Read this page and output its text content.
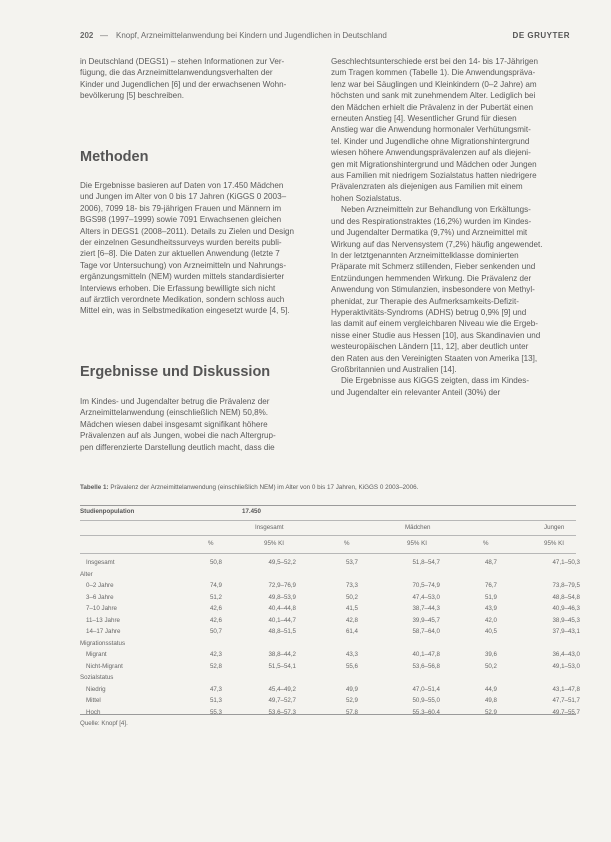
202 — Knopf, Arzneimittelanwendung bei Kindern und Jugendlichen in Deutschland	DE GRUYTER

in Deutschland (DEGS1) – stehen Informationen zur Ver-
fügung, die das Arzneimittelanwendungsverhalten der
Kinder und Jugendlichen [6] und der erwachsenen Wohn-
bevölkerung [5] beschreiben.

Methoden

Die Ergebnisse basieren auf Daten von 17.450 Mädchen
und Jungen im Alter von 0 bis 17 Jahren (KiGGS 0 2003–
2006), 7099 18- bis 79-jährigen Frauen und Männern im
BGS98 (1997–1999) sowie 7091 Erwachsenen gleichen
Alters in DEGS1 (2008–2011). Details zu Zielen und Design
der einzelnen Gesundheitssurveys wurden bereits publi-
ziert [6–8]. Die Daten zur aktuellen Anwendung (letzte 7
Tage vor Untersuchung) von Arzneimitteln und Nahrungs-
ergänzungsmitteln (NEM) wurden mittels standardisierter
Interviews erhoben. Die Erfassung bewilligte sich nicht
auf ärztlich verordnete Medikation, sondern schloss auch
Mittel ein, was in Selbstmedikation eingesetzt wurde [4, 5].

Ergebnisse und Diskussion

Im Kindes- und Jugendalter betrug die Prävalenz der
Arzneimittelanwendung (einschließlich NEM) 50,8%.
Mädchen wiesen dabei insgesamt signifikant höhere
Prävalenzen auf als Jungen, wobei die nach Altergrup-
pen differenzierte Darstellung deutlich macht, dass die

Geschlechtsunterschiede erst bei den 14- bis 17-Jährigen
zum Tragen kommen (Tabelle 1). Die Anwendungspräva-
lenz war bei Säuglingen und Kleinkindern (0–2 Jahre) am
höchsten und sank mit zunehmendem Alter. Lediglich bei
den Mädchen erhielt die Prävalenz in der Pubertät einen
erneuten Anstieg [4]. Wesentlicher Grund für diesen
Anstieg war die Anwendung hormonaler Verhütungsmit-
tel. Kinder und Jugendliche ohne Migrationshintergrund
wiesen höhere Anwendungsprävalenzen auf als diejeni-
gen mit Migrationshintergrund und Mädchen oder Jungen
aus Familien mit niedrigem Sozialstatus hatten niedrigere
Prävalenzraten als diejenigen aus Familien mit einem
hohen Sozialstatus.

Neben Arzneimitteln zur Behandlung von Erkältungs-
und des Respirationstraktes (16,2%) wurden im Kindes-
und Jugendalter Dermatika (9,7%) und Arzneimittel mit
Wirkung auf das Nervensystem (7,2%) häufig angewendet.
In der letztgenannten Arzneimittelklasse dominierten
Präparate mit Schmerz stillenden, Fieber senkenden und
Entzündungen hemmenden Wirkung. Die Prävalenz der
Anwendung von Stimulanzien, insbesondere von Methyl-
phenidat, zur Therapie des Aufmerksamkeits-Defizit-
Hyperaktivitäts-Syndroms (ADHS) betrug 0,9% [9] und
las damit auf einem vergleichbaren Niveau wie die Ergeb-
nisse einer Studie aus Hessen [10], aus Skandinavien und
westeuropäischen Ländern [11, 12], aber deutlich unter
den Raten aus den Vereinigten Staaten von Amerika [13],
Großbritannien und Australien [14].

Die Ergebnisse aus KiGGS zeigten, dass im Kindes-
und Jugendalter ein relevanter Anteil (30%) der

Tabelle 1: Prävalenz der Arzneimittelanwendung (einschließlich NEM) im Alter von 0 bis 17 Jahren, KiGGS 0 2003–2006.
Studienpopulation	17.450
Insgesamt	Mädchen	Jungen
%	95% KI	%	95% KI	%	95% KI
Insgesamt	50,8	49,5–52,2	53,7	51,8–54,7	48,7	47,1–50,3
Alter
0–2 Jahre	74,9	72,9–76,9	73,3	70,5–74,9	76,7	73,8–79,5
3–6 Jahre	51,2	49,8–53,9	50,2	47,4–53,0	51,9	48,8–54,8
7–10 Jahre	42,6	40,4–44,8	41,5	38,7–44,3	43,9	40,9–46,3
11–13 Jahre	42,6	40,1–44,7	42,8	39,9–45,7	42,0	38,9–45,3
14–17 Jahre	50,7	48,8–51,5	61,4	58,7–64,0	40,5	37,9–43,1
Migrationsstatus
Migrant	42,3	38,8–44,2	43,3	40,1–47,8	39,6	36,4–43,0
Nicht-Migrant	52,8	51,5–54,1	55,6	53,6–56,8	50,2	49,1–53,0
Sozialstatus
Niedrig	47,3	45,4–49,2	49,9	47,0–51,4	44,9	43,1–47,8
Mittel	51,3	49,7–52,7	52,9	50,9–55,0	49,8	47,7–51,7
Hoch	55,3	53,6–57,3	57,8	55,3–60,4	52,9	49,7–55,7
Quelle: Knopf [4].
